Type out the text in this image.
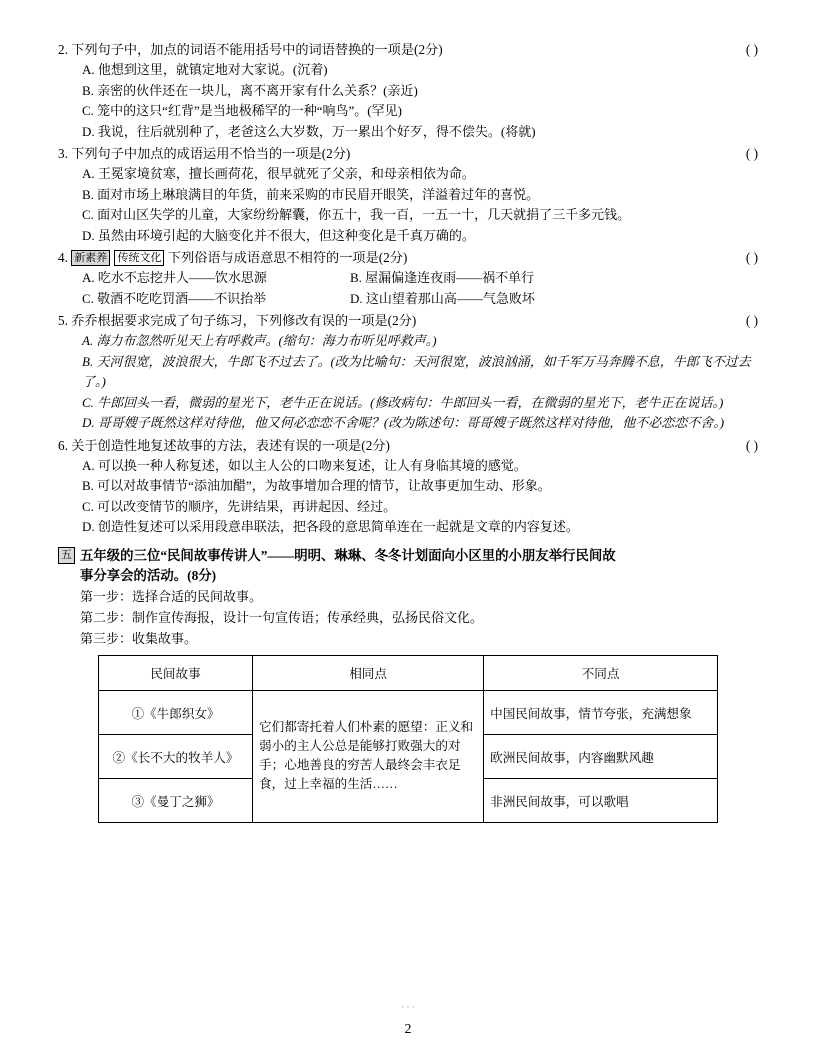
2. 下列句子中，加点的词语不能用括号中的词语替换的一项是(2分)	( )
A. 他想到这里，就镇定地对大家说。(沉着)
B. 亲密的伙伴还在一块儿，离不离开家有什么关系？(亲近)
C. 笼中的这只“红背”是当地极稀罕的一种“响鸟”。(罕见)
D. 我说，往后就别种了，老爸这么大岁数，万一累出个好歹，得不偿失。(将就)
3. 下列句子中加点的成语运用不恰当的一项是(2分)	( )
A. 王冕家境贫寒，擅长画荷花，很早就死了父亲，和母亲相依为命。
B. 面对市场上琳琅满目的年货，前来采购的市民眉开眼笑，洋溢着过年的喜悦。
C. 面对山区失学的儿童，大家纷纷解囊，你五十，我一百，一五一十，几天就捐了三千多元钱。
D. 虽然由环境引起的大脑变化并不很大，但这种变化是千真万确的。
4. 新素养 传统文化 下列俗语与成语意思不相符的一项是(2分)	( )
A. 吃水不忘挖井人——饮水思源	B. 屋漏偏逢连夜雨——祸不单行
C. 敬酒不吃吃罚酒——不识抬举	D. 这山望着那山高——气急败坏
5. 乔乔根据要求完成了句子练习，下列修改有误的一项是(2分)	( )
A. 海力布忽然听见天上有呼救声。(缩句：海力布听见呼救声。)
B. 天河很宽，波浪很大，牛郎飞不过去了。(改为比喻句：天河很宽，波浪汹涌，如千军万马奔腾不息，牛郎飞不过去了。)
C. 牛郎回头一看，微弱的星光下，老牛正在说话。(修改病句：牛郎回头一看，在微弱的星光下，老牛正在说话。)
D. 哥哥嫂子既然这样对待他，他又何必恋恋不舍呢？(改为陈述句：哥哥嫂子既然这样对待他，他不必恋恋不舍。)
6. 关于创造性地复述故事的方法，表述有误的一项是(2分)	( )
A. 可以换一种人称复述，如以主人公的口吻来复述，让人有身临其境的感觉。
B. 可以对故事情节“添油加醋”，为故事增加合理的情节，让故事更加生动、形象。
C. 可以改变情节的顺序，先讲结果，再讲起因、经过。
D. 创造性复述可以采用段意串联法，把各段的意思简单连在一起就是文章的内容复述。
五 五年级的三位“民间故事传讲人”——明明、琳琳、冬冬计划面向小区里的小朋友举行民间故
事分享会的活动。(8分)
第一步：选择合适的民间故事。
第二步：制作宣传海报，设计一句宣传语；传承经典，弘扬民俗文化。
第三步：收集故事。
民间故事	相同点	不同点
①《牛郎织女》	它们都寄托着人们朴素的愿望：正义和弱小的主人公总是能够打败强大的对手；心地善良的穷苦人最终会丰衣足食，过上幸福的生活……	中国民间故事，情节夸张，充满想象
②《长不大的牧羊人》		欧洲民间故事，内容幽默风趣
③《曼丁之狮》		非洲民间故事，可以歌唱
· · ·
2
